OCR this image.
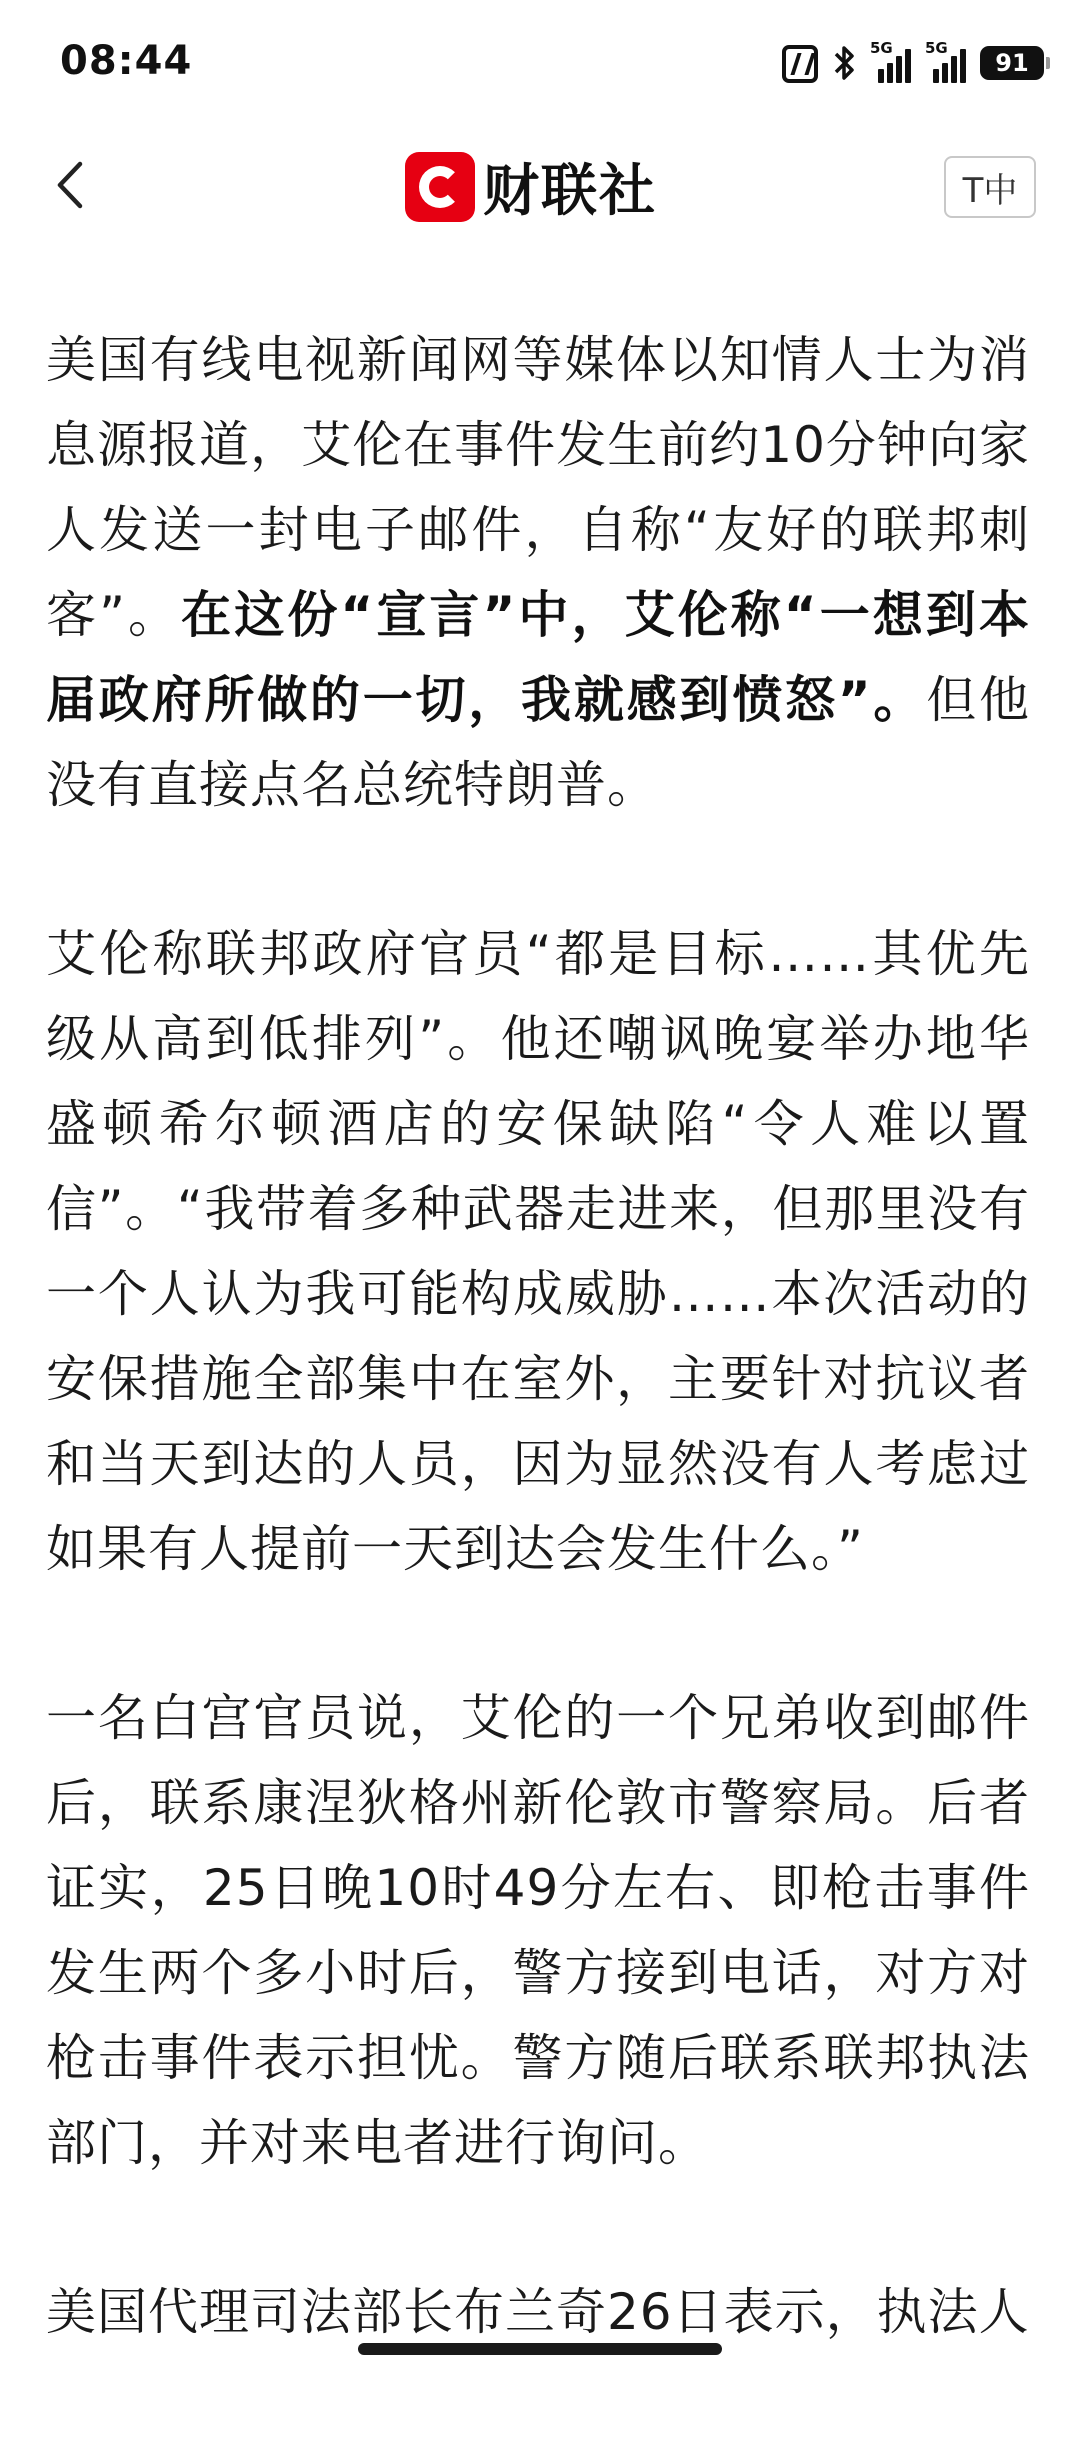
08:44	5G 5G
91
财联社	T中

美国有线电视新闻网等媒体以知情人士为消息源报道，艾伦在事件发生前约10分钟向家人发送一封电子邮件，自称“友好的联邦刺客”。在这份“宣言”中，艾伦称“一想到本届政府所做的一切，我就感到愤怒”。但他没有直接点名总统特朗普。

艾伦称联邦政府官员“都是目标……其优先级从高到低排列”。他还嘲讽晚宴举办地华盛顿希尔顿酒店的安保缺陷“令人难以置信”。“我带着多种武器走进来，但那里没有一个人认为我可能构成威胁……本次活动的安保措施全部集中在室外，主要针对抗议者和当天到达的人员，因为显然没有人考虑过如果有人提前一天到达会发生什么。”

一名白宫官员说，艾伦的一个兄弟收到邮件后，联系康涅狄格州新伦敦市警察局。后者证实，25日晚10时49分左右、即枪击事件发生两个多小时后，警方接到电话，对方对枪击事件表示担忧。警方随后联系联邦执法部门，并对来电者进行询问。

美国代理司法部长布兰奇26日表示，执法人
